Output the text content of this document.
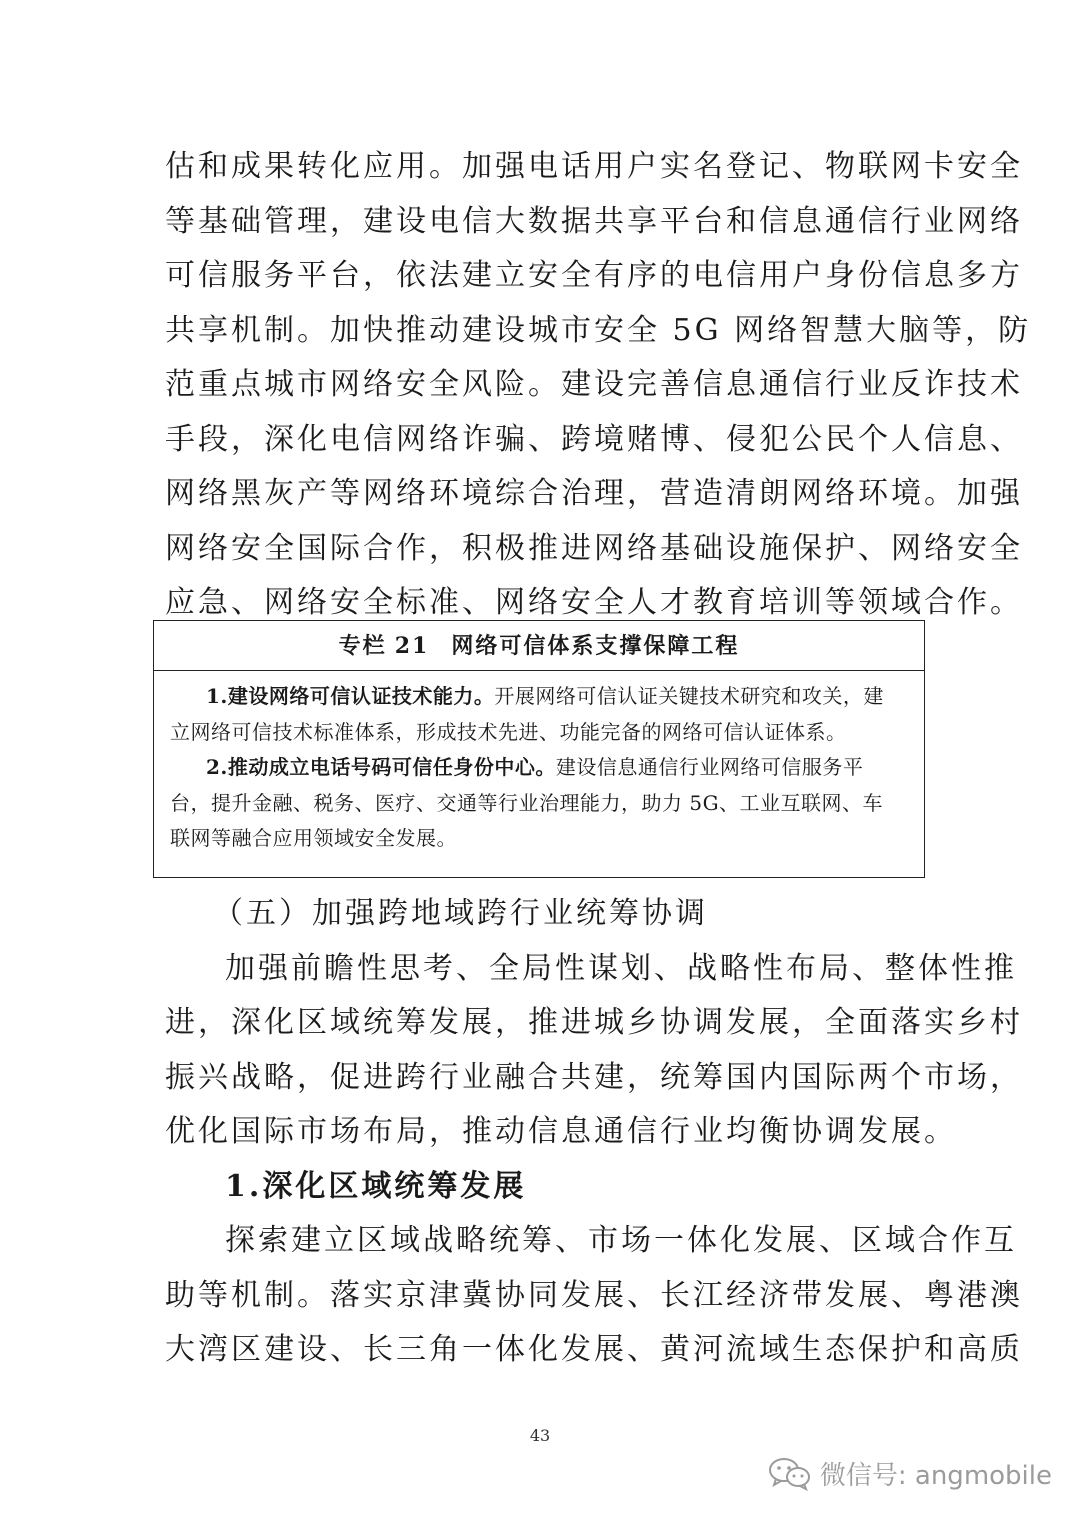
估和成果转化应用。加强电话用户实名登记、物联网卡安全
等基础管理，建设电信大数据共享平台和信息通信行业网络
可信服务平台，依法建立安全有序的电信用户身份信息多方
共享机制。加快推动建设城市安全 5G 网络智慧大脑等，防
范重点城市网络安全风险。建设完善信息通信行业反诈技术
手段，深化电信网络诈骗、跨境赌博、侵犯公民个人信息、
网络黑灰产等网络环境综合治理，营造清朗网络环境。加强
网络安全国际合作，积极推进网络基础设施保护、网络安全
应急、网络安全标准、网络安全人才教育培训等领域合作。
专栏 21 网络可信体系支撑保障工程
1.建设网络可信认证技术能力。开展网络可信认证关键技术研究和攻关，建
立网络可信技术标准体系，形成技术先进、功能完备的网络可信认证体系。
2.推动成立电话号码可信任身份中心。建设信息通信行业网络可信服务平
台，提升金融、税务、医疗、交通等行业治理能力，助力 5G、工业互联网、车
联网等融合应用领域安全发展。
（五）加强跨地域跨行业统筹协调
加强前瞻性思考、全局性谋划、战略性布局、整体性推
进，深化区域统筹发展，推进城乡协调发展，全面落实乡村
振兴战略，促进跨行业融合共建，统筹国内国际两个市场，
优化国际市场布局，推动信息通信行业均衡协调发展。
1.深化区域统筹发展
探索建立区域战略统筹、市场一体化发展、区域合作互
助等机制。落实京津冀协同发展、长江经济带发展、粤港澳
大湾区建设、长三角一体化发展、黄河流域生态保护和高质
43
微信号: angmobile
